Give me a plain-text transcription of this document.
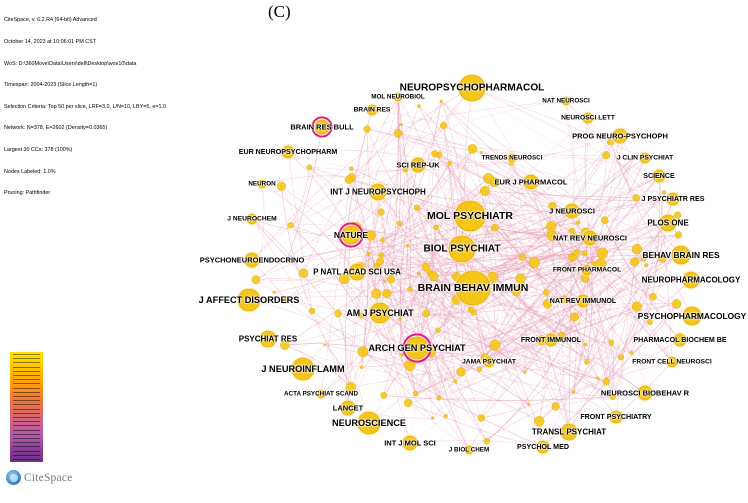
CiteSpace, v. 6.2.R4 (64-bit) Advanced

October 14, 2023 at 10:06:01 PM CST

WoS: D:\360Move\Data\Users\dell\Desktop\wos10\data

Timespan: 2004-2023 (Slice Length=1)

Selection Criteria: Top 50 per slice, LRF=3.0, L/N=10, LBY=5, e=1.0

Network: N=378, E=2602 (Density=0.0365)

Largest 30 CCs: 378 (100%)

Nodes Labeled: 1.0%

Pruning: Pathfinder

(C)
NEUROPSYCHOPHARMACOL
MOL NEUROBIOL
NAT NEUROSCI
BRAIN RES
NEUROSCI LETT
BRAIN RES BULL
PROG NEURO-PSYCHOPH
EUR NEUROPSYCHOPHARM
TRENDS NEUROSCI	J CLIN PSYCHIAT
SCI REP-UK
SCIENCE
NEURON
INT J NEUROPSYCHOPH
EUR J PHARMACOL
J PSYCHIATR RES
MOL PSYCHIATR	J NEUROSCI
PLOS ONE
J NEUROCHEM
NATURE
BIOL PSYCHIAT
NAT REV NEUROSCI
BEHAV BRAIN RES
PSYCHONEUROENDOCRINO
P NATL ACAD SCI USA	FRONT PHARMACOL
NEUROPHARMACOLOGY
BRAIN BEHAV IMMUN
J AFFECT DISORDERS	NAT REV IMMUNOL
AM J PSYCHIAT	PSYCHOPHARMACOLOGY
PSYCHIAT RES	FRONT IMMUNOL	PHARMACOL BIOCHEM BE
ARCH GEN PSYCHIAT
FRONT CELL NEUROSCI
JAMA PSYCHIAT
J NEUROINFLAMM
NEUROSCI BIOBEHAV R
ACTA PSYCHIAT SCAND
LANCET
FRONT PSYCHIATRY
NEUROSCIENCE
TRANSL PSYCHIAT
INT J MOL SCI
J BIOL CHEM	PSYCHOL MED
CiteSpace
